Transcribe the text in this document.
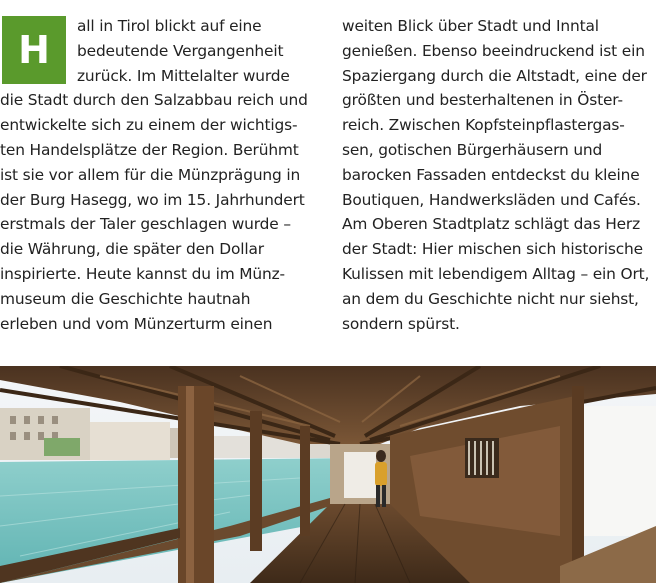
H
all in Tirol blickt auf eine
bedeutende Vergangenheit
zurück. Im Mittelalter wurde
die Stadt durch den Salzabbau reich und
entwickelte sich zu einem der wichtigs-
ten Handelsplätze der Region. Berühmt
ist sie vor allem für die Münzprägung in
der Burg Hasegg, wo im 15. Jahrhundert
erstmals der Taler geschlagen wurde –
die Währung, die später den Dollar
inspirierte. Heute kannst du im Münz-
museum die Geschichte hautnah
erleben und vom Münzerturm einen
weiten Blick über Stadt und Inntal
genießen. Ebenso beeindruckend ist ein
Spaziergang durch die Altstadt, eine der
größten und besterhaltenen in Öster-
reich. Zwischen Kopfsteinpflastergas-
sen, gotischen Bürgerhäusern und
barocken Fassaden entdeckst du kleine
Boutiquen, Handwerksläden und Cafés.
Am Oberen Stadtplatz schlägt das Herz
der Stadt: Hier mischen sich historische
Kulissen mit lebendigem Alltag – ein Ort,
an dem du Geschichte nicht nur siehst,
sondern spürst.
